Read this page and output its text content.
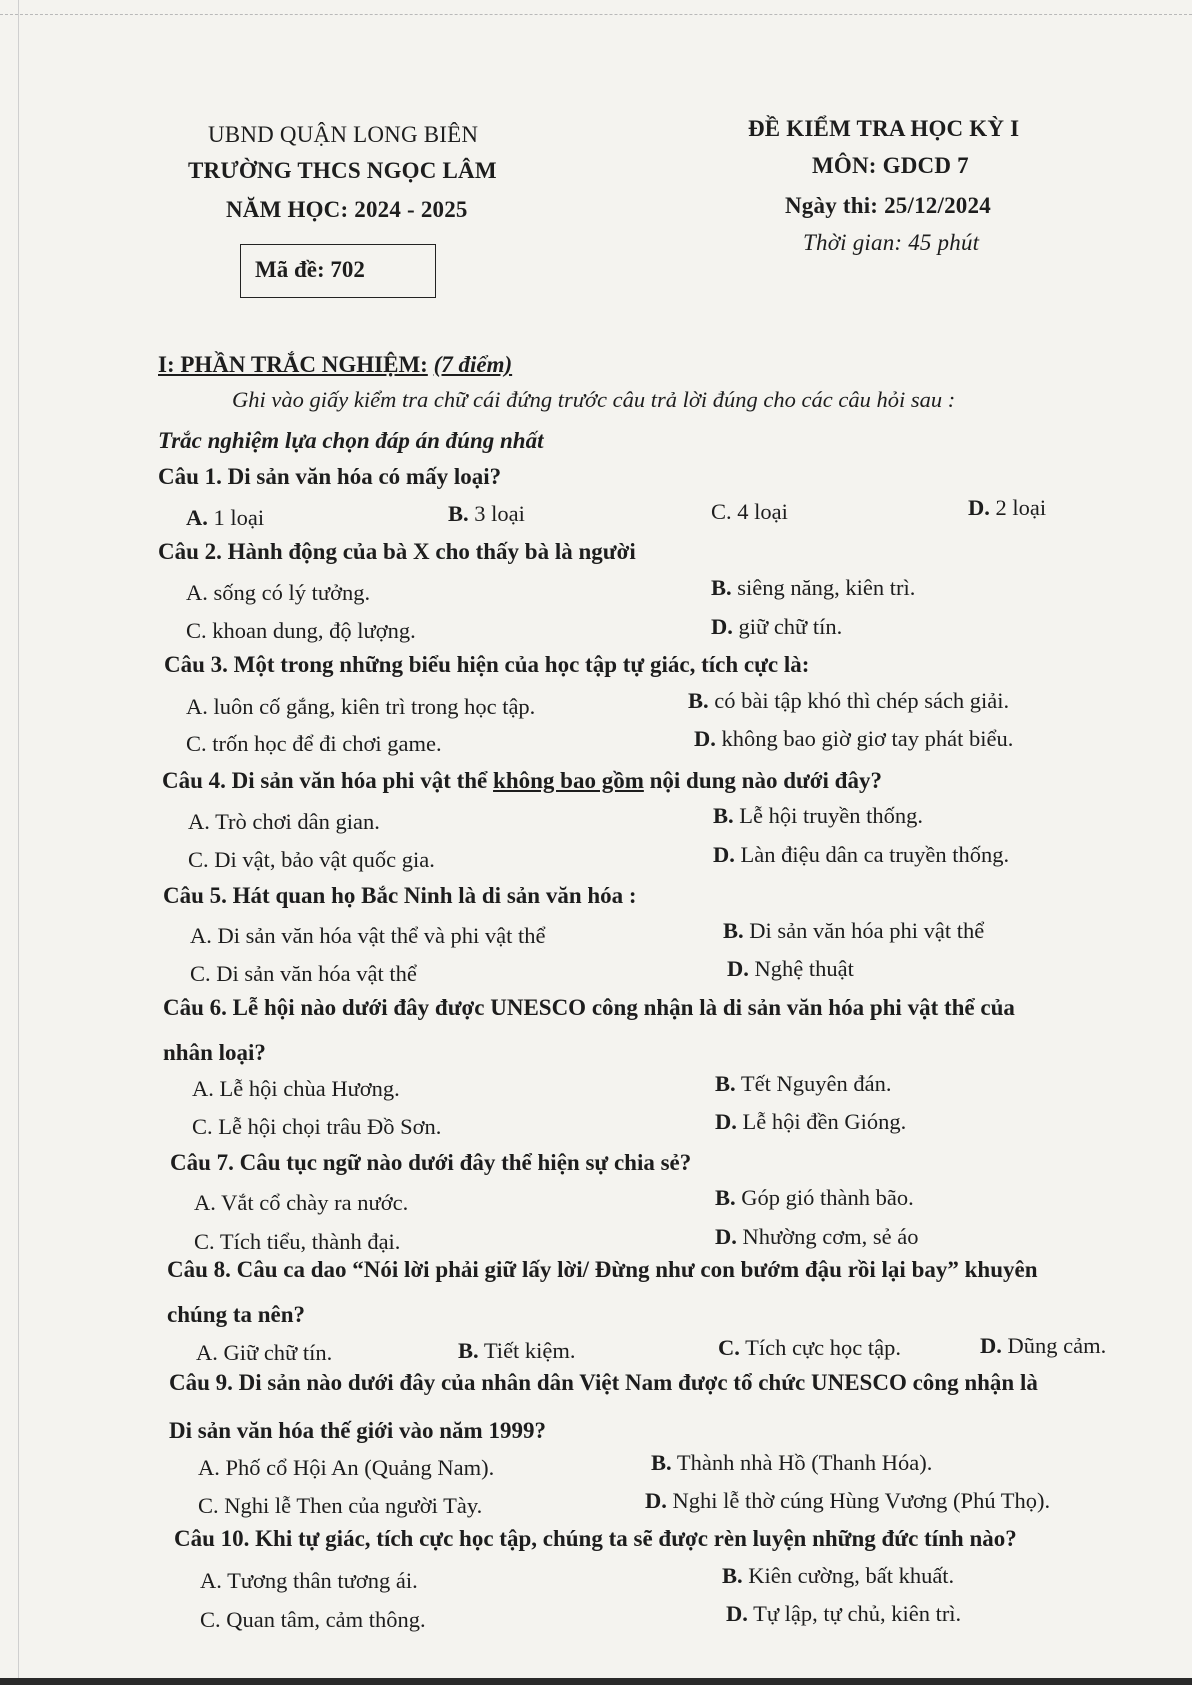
UBND QUẬN LONG BIÊN
TRƯỜNG THCS NGỌC LÂM
NĂM HỌC: 2024 - 2025
ĐỀ KIỂM TRA HỌC KỲ I
MÔN: GDCD 7
Ngày thi: 25/12/2024
Thời gian: 45 phút
Mã đề: 702
I: PHẦN TRẮC NGHIỆM: (7 điểm)
Ghi vào giấy kiểm tra chữ cái đứng trước câu trả lời đúng cho các câu hỏi sau :
Trắc nghiệm lựa chọn đáp án đúng nhất
Câu 1. Di sản văn hóa có mấy loại?
A. 1 loại	B. 3 loại	C. 4 loại	D. 2 loại
Câu 2. Hành động của bà X cho thấy bà là người
A. sống có lý tưởng.	B. siêng năng, kiên trì.
C. khoan dung, độ lượng.	D. giữ chữ tín.
Câu 3. Một trong những biểu hiện của học tập tự giác, tích cực là:
A. luôn cố gắng, kiên trì trong học tập.	B. có bài tập khó thì chép sách giải.
C. trốn học để đi chơi game.	D. không bao giờ giơ tay phát biểu.
Câu 4. Di sản văn hóa phi vật thể không bao gồm nội dung nào dưới đây?
A. Trò chơi dân gian.	B. Lễ hội truyền thống.
C. Di vật, bảo vật quốc gia.	D. Làn điệu dân ca truyền thống.
Câu 5. Hát quan họ Bắc Ninh là di sản văn hóa :
A. Di sản văn hóa vật thể và phi vật thể	B. Di sản văn hóa phi vật thể
C. Di sản văn hóa vật thể	D. Nghệ thuật
Câu 6. Lễ hội nào dưới đây được UNESCO công nhận là di sản văn hóa phi vật thể của
nhân loại?
A. Lễ hội chùa Hương.	B. Tết Nguyên đán.
C. Lễ hội chọi trâu Đồ Sơn.	D. Lễ hội đền Gióng.
Câu 7. Câu tục ngữ nào dưới đây thể hiện sự chia sẻ?
A. Vắt cổ chày ra nước.	B. Góp gió thành bão.
C. Tích tiểu, thành đại.	D. Nhường cơm, sẻ áo
Câu 8. Câu ca dao “Nói lời phải giữ lấy lời/ Đừng như con bướm đậu rồi lại bay” khuyên
chúng ta nên?
A. Giữ chữ tín.	B. Tiết kiệm.	C. Tích cực học tập.	D. Dũng cảm.
Câu 9. Di sản nào dưới đây của nhân dân Việt Nam được tổ chức UNESCO công nhận là
Di sản văn hóa thế giới vào năm 1999?
A. Phố cổ Hội An (Quảng Nam).	B. Thành nhà Hồ (Thanh Hóa).
C. Nghi lễ Then của người Tày.	D. Nghi lễ thờ cúng Hùng Vương (Phú Thọ).
Câu 10. Khi tự giác, tích cực học tập, chúng ta sẽ được rèn luyện những đức tính nào?
A. Tương thân tương ái.	B. Kiên cường, bất khuất.
C. Quan tâm, cảm thông.	D. Tự lập, tự chủ, kiên trì.
